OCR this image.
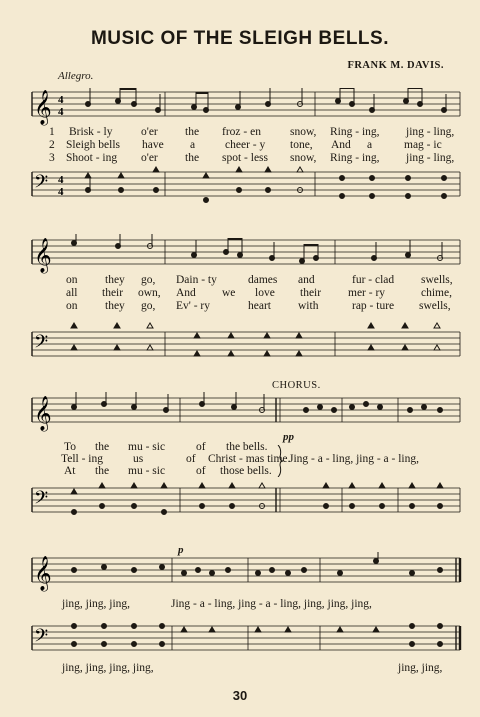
MUSIC OF THE SLEIGH BELLS.
FRANK M. DAVIS.
Allegro.
𝄞 4
4
1 Brisk - ly o'er the froz - en	snow, Ring - ing, jing - ling,
2 Sleigh bells have a	cheer - y tone, And a	mag - ic
3 Shoot - ing o'er the spot - less snow, Ring - ing, jing - ling,
𝄢 4
4
𝄞
on they go, Dain - ty	dames and	fur - clad swells,
all their own, And we love their mer - ry	chime,
on they go, Ev' - ry	heart with	rap - ture swells,
𝄢
CHORUS.
𝄞
pp
To the mu - sic	of the bells.
Tell - ing	us	of Christ - mas time.
Jing - a - ling, jing - a - ling,
At the mu - sic	of those bells.
𝄢
p
𝄞
jing, jing, jing,	Jing - a - ling, jing - a - ling, jing, jing, jing,
𝄢
jing, jing, jing, jing,	jing, jing,
30
